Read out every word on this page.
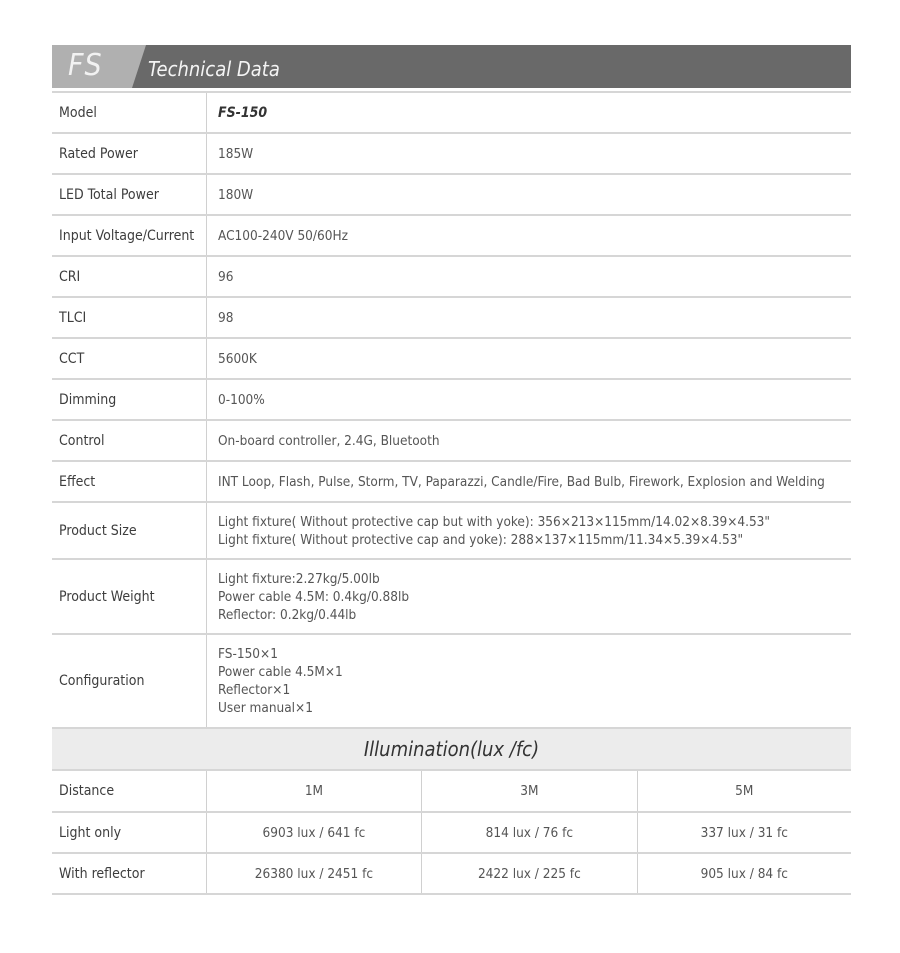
FS Technical Data
Model	FS-150

Rated Power	185W

LED Total Power	180W

Input Voltage/Current	AC100-240V 50/60Hz

CRI	96

TLCI	98

CCT	5600K

Dimming	0-100%

Control	On-board controller, 2.4G, Bluetooth

Effect	INT Loop, Flash, Pulse, Storm, TV, Paparazzi, Candle/Fire, Bad Bulb, Firework, Explosion and Welding

Product Size	Light fixture( Without protective cap but with yoke): 356×213×115mm/14.02×8.39×4.53"
Light fixture( Without protective cap and yoke): 288×137×115mm/11.34×5.39×4.53"

Product Weight	Light fixture:2.27kg/5.00lb
Power cable 4.5M: 0.4kg/0.88lb
Reflector: 0.2kg/0.44lb

Configuration	FS-150×1
Power cable 4.5M×1
Reflector×1
User manual×1
Illumination(lux /fc)
Distance	1M	3M	5M
Light only	6903 lux / 641 fc	814 lux / 76 fc	337 lux / 31 fc
With reflector	26380 lux / 2451 fc	2422 lux / 225 fc	905 lux / 84 fc
